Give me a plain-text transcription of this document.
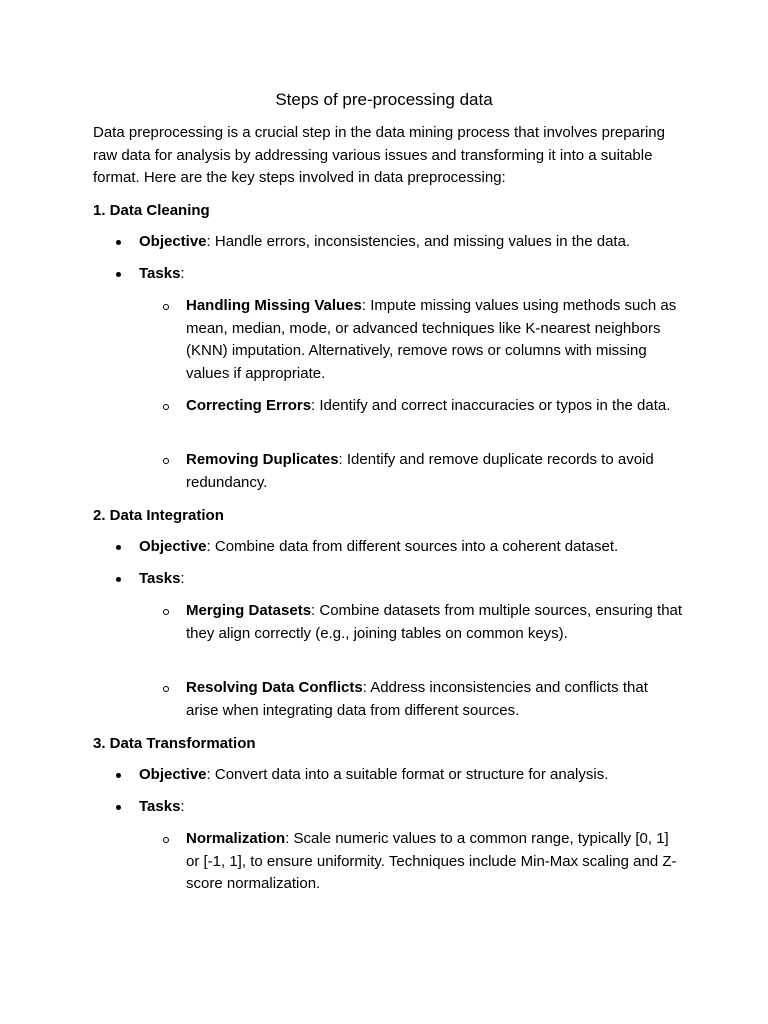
Steps of pre-processing data

Data preprocessing is a crucial step in the data mining process that involves preparing raw data for analysis by addressing various issues and transforming it into a suitable format. Here are the key steps involved in data preprocessing:

1. Data Cleaning

Objective: Handle errors, inconsistencies, and missing values in the data.

Tasks:

Handling Missing Values: Impute missing values using methods such as mean, median, mode, or advanced techniques like K-nearest neighbors (KNN) imputation. Alternatively, remove rows or columns with missing values if appropriate.

Correcting Errors: Identify and correct inaccuracies or typos in the data.

Removing Duplicates: Identify and remove duplicate records to avoid redundancy.

2. Data Integration

Objective: Combine data from different sources into a coherent dataset.

Tasks:

Merging Datasets: Combine datasets from multiple sources, ensuring that they align correctly (e.g., joining tables on common keys).

Resolving Data Conflicts: Address inconsistencies and conflicts that arise when integrating data from different sources.

3. Data Transformation

Objective: Convert data into a suitable format or structure for analysis.

Tasks:

Normalization: Scale numeric values to a common range, typically [0, 1] or [-1, 1], to ensure uniformity. Techniques include Min-Max scaling and Z-score normalization.
